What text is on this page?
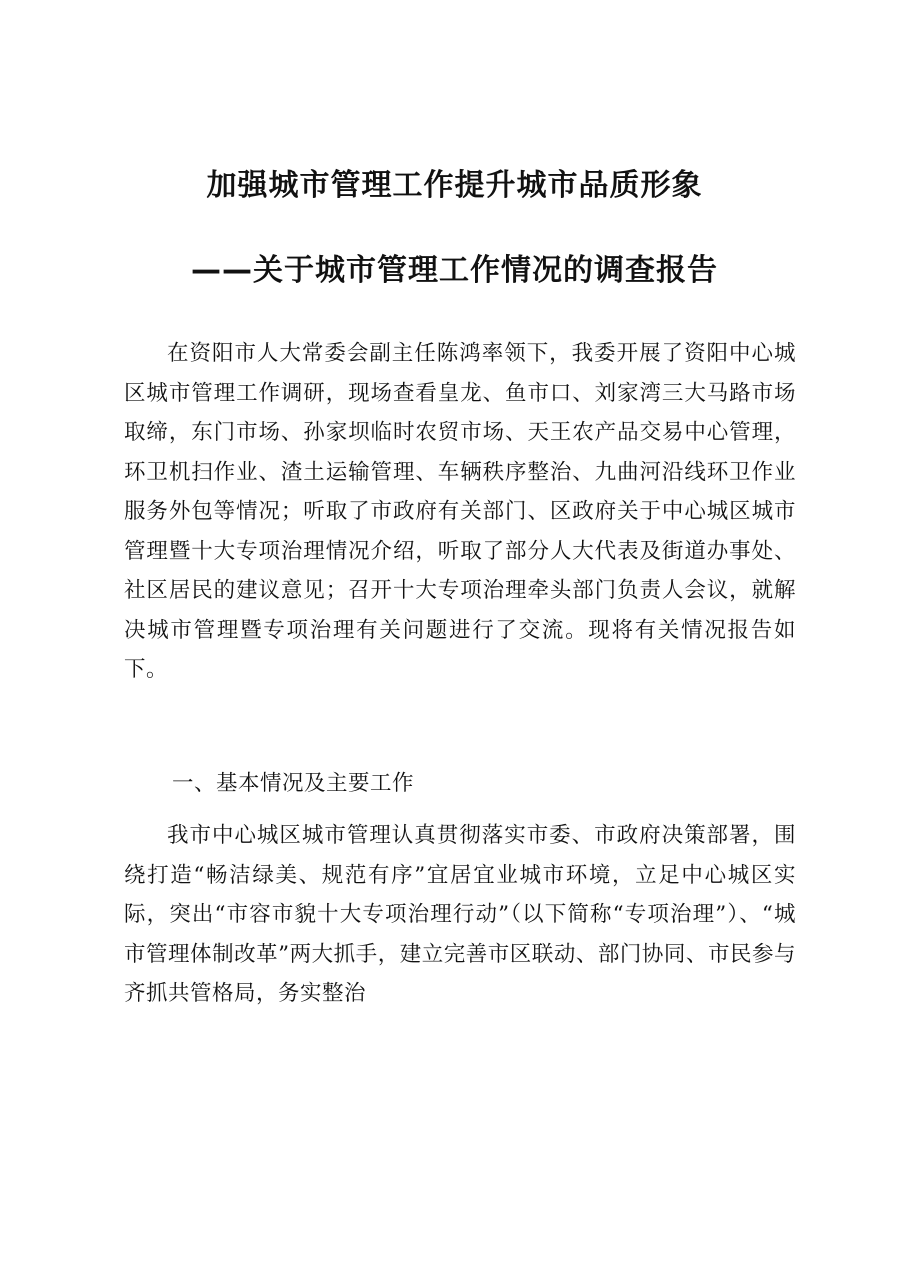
加强城市管理工作提升城市品质形象
——关于城市管理工作情况的调查报告

在资阳市人大常委会副主任陈鸿率领下，我委开展了资阳中心城区城市管理工作调研，现场查看皇龙、鱼市口、刘家湾三大马路市场取缔，东门市场、孙家坝临时农贸市场、天王农产品交易中心管理，环卫机扫作业、渣土运输管理、车辆秩序整治、九曲河沿线环卫作业服务外包等情况；听取了市政府有关部门、区政府关于中心城区城市管理暨十大专项治理情况介绍，听取了部分人大代表及街道办事处、社区居民的建议意见；召开十大专项治理牵头部门负责人会议，就解决城市管理暨专项治理有关问题进行了交流。现将有关情况报告如下。

一、基本情况及主要工作

我市中心城区城市管理认真贯彻落实市委、市政府决策部署，围绕打造“畅洁绿美、规范有序”宜居宜业城市环境，立足中心城区实际，突出“市容市貌十大专项治理行动”（以下简称“专项治理”）、“城市管理体制改革”两大抓手，建立完善市区联动、部门协同、市民参与齐抓共管格局，务实整治
